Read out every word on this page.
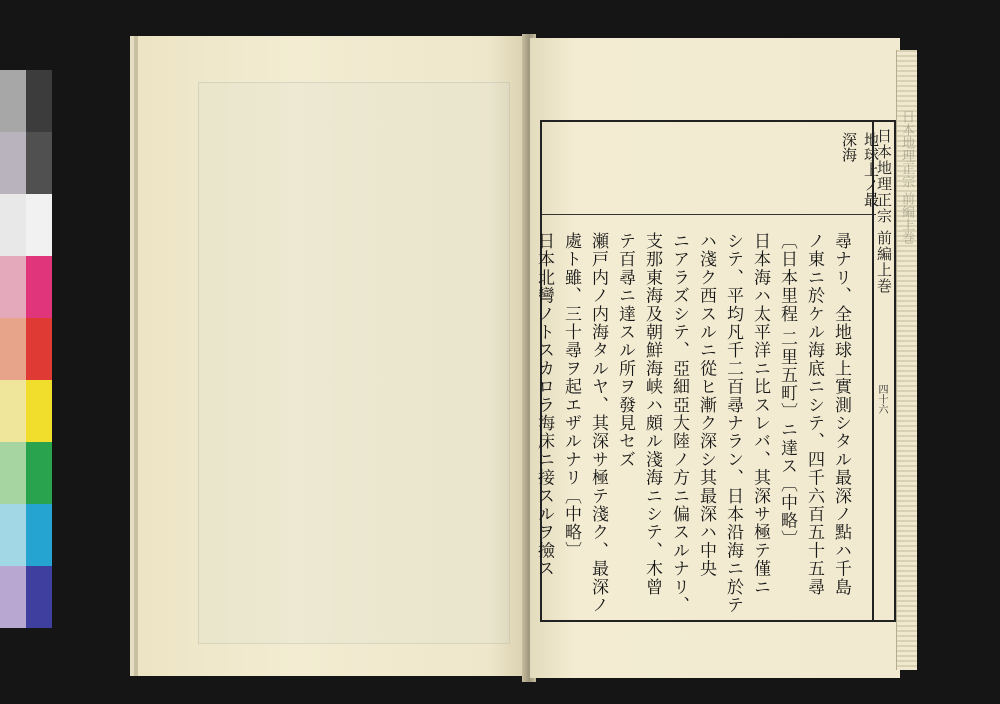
日本地理正宗 前編上巻
地球上ノ最
深海	日本地理正宗 前編上巻
四十六
尋ナリ、全地球上實測シタル最深ノ點ハ千島
ノ東ニ於ケル海底ニシテ、四千六百五十五尋
〔日本里程 二里五町〕ニ達ス〔中略〕
日本海ハ太平洋ニ比スレバ、其深サ極テ僅ニ
シテ、平均凡千二百尋ナラン、日本沿海ニ於テ
ハ淺ク西スルニ從ヒ漸ク深シ其最深ハ中央
ニアラズシテ、亞細亞大陸ノ方ニ偏スルナリ、
支那東海及朝鮮海峡ハ頗ル淺海ニシテ、木曾
テ百尋ニ達スル所ヲ發見セズ
瀬戸内ノ内海タルヤ、其深サ極テ淺ク、最深ノ
處ト雖、三十尋ヲ起エザルナリ〔中略〕
日本北彎ノトスカロラ海床ニ接スルヲ撿ス
